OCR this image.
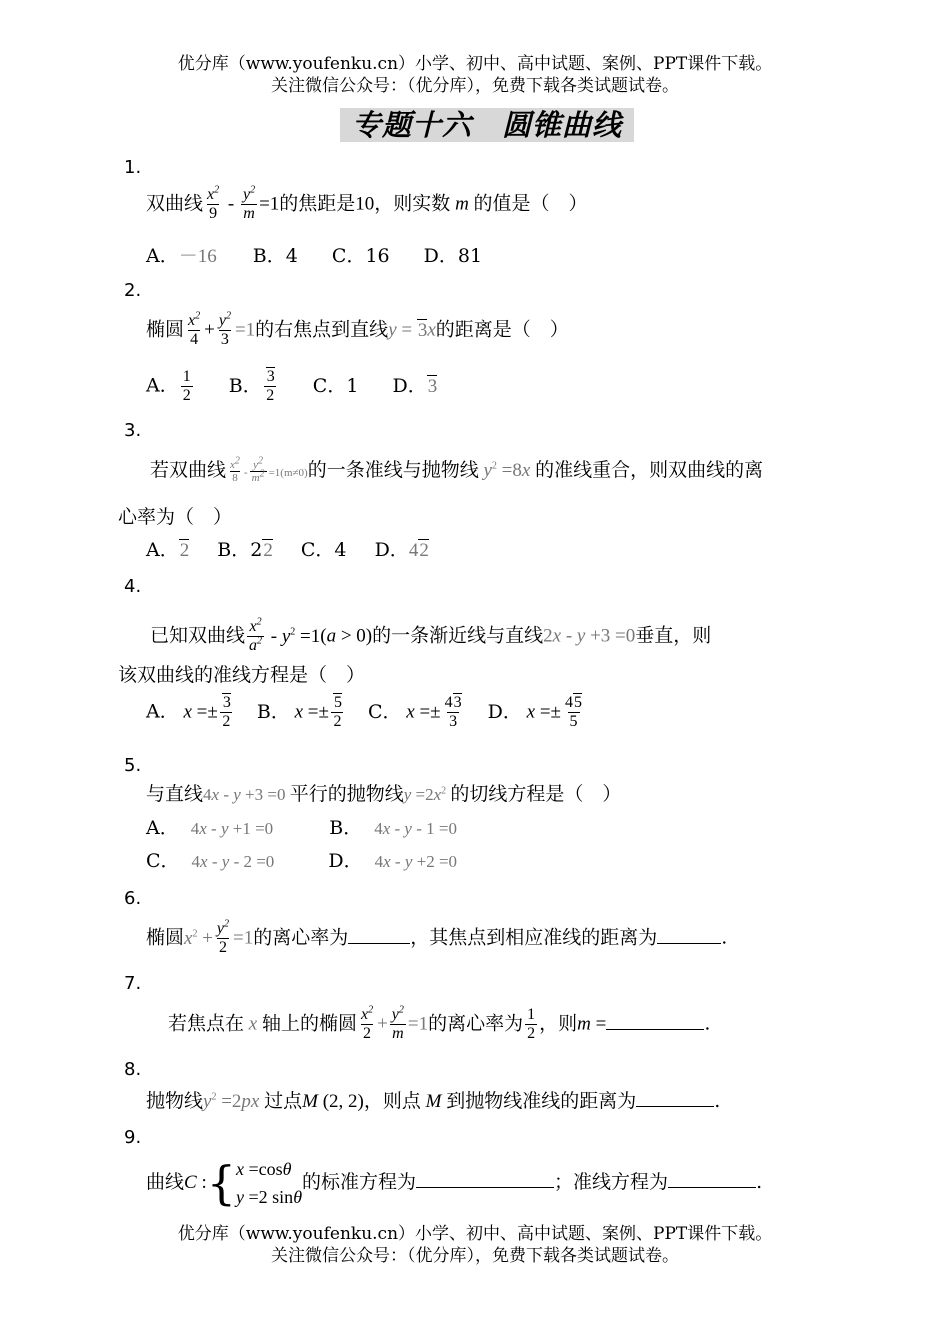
优分库（www.youfenku.cn）小学、初中、高中试题、案例、PPT课件下载。
关注微信公众号：（优分库），免费下载各类试题试卷。
专题十六　圆锥曲线
1.
双曲线 $\frac{x^2}{9} - \frac{y^2}{m} =1$的焦距是10，则实数 m 的值是（　）
A．－16 B．4 C．16 D．81
2.
椭圆 $\frac{x^2}{4} + \frac{y^2}{3} =1$的右焦点到直线y = 3x的距离是（　）
A． $\frac{1}{2}$ B． $\frac{3}{2}$ C．1 D．3
3.
若双曲线 $\frac{x^2}{8} - \frac{y^2}{m^2} =1(m\ne 0)$的一条准线与抛物线 $y^2 =8x$ 的准线重合，则双曲线的离
心率为（　）
A．2 B．22 C．4 D．42
4.
已知双曲线 $\frac{x^2}{a^2} - y^2 =1(a > 0)$的一条渐近线与直线2x - y +3 =0垂直，则
该双曲线的准线方程是（　）
A． $x =\pm \frac{3}{2}$ B． $x =\pm \frac{5}{2}$ C． $x =\pm \frac{43}{3}$ D． $x =\pm \frac{45}{5}$
5.
与直线4x - y +3 =0 平行的抛物线$y =2x^2$ 的切线方程是（　）
A． 4x - y +1 =0	B． 4x - y - 1 =0
C． 4x - y - 2 =0	D． 4x - y +2 =0
6.
椭圆$x^2 + \frac{y^2}{2} =1$的离心率为	，其焦点到相应准线的距离为	.
7.
若焦点在 x 轴上的椭圆 $\frac{x^2}{2} + \frac{y^2}{m} =1$的离心率为 $\frac{1}{2}$ ，则m =	.
8.
抛物线$y^2 =2px$ 过点M (2, 2)，则点 M 到抛物线准线的距离为	.
9.
曲线C :{ x =cosθ
y =2 sinθ
的标准方程为	；准线方程为	.
优分库（www.youfenku.cn）小学、初中、高中试题、案例、PPT课件下载。
关注微信公众号：（优分库），免费下载各类试题试卷。
